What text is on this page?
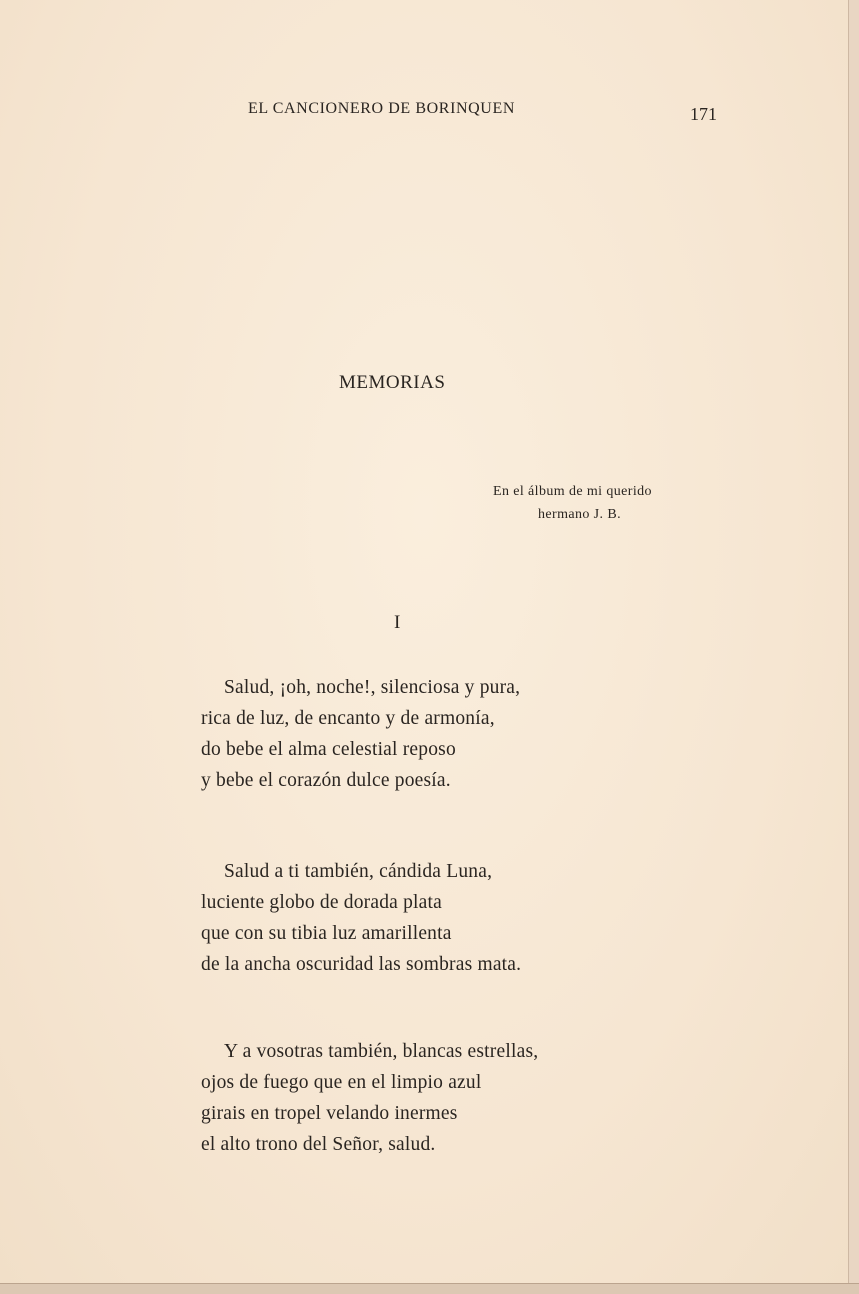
EL CANCIONERO DE BORINQUEN	171
MEMORIAS
En el álbum de mi querido
hermano J. B.
I
Salud, ¡oh, noche!, silenciosa y pura,
rica de luz, de encanto y de armonía,
do bebe el alma celestial reposo
y bebe el corazón dulce poesía.
Salud a ti también, cándida Luna,
luciente globo de dorada plata
que con su tibia luz amarillenta
de la ancha oscuridad las sombras mata.
Y a vosotras también, blancas estrellas,
ojos de fuego que en el limpio azul
girais en tropel velando inermes
el alto trono del Señor, salud.
